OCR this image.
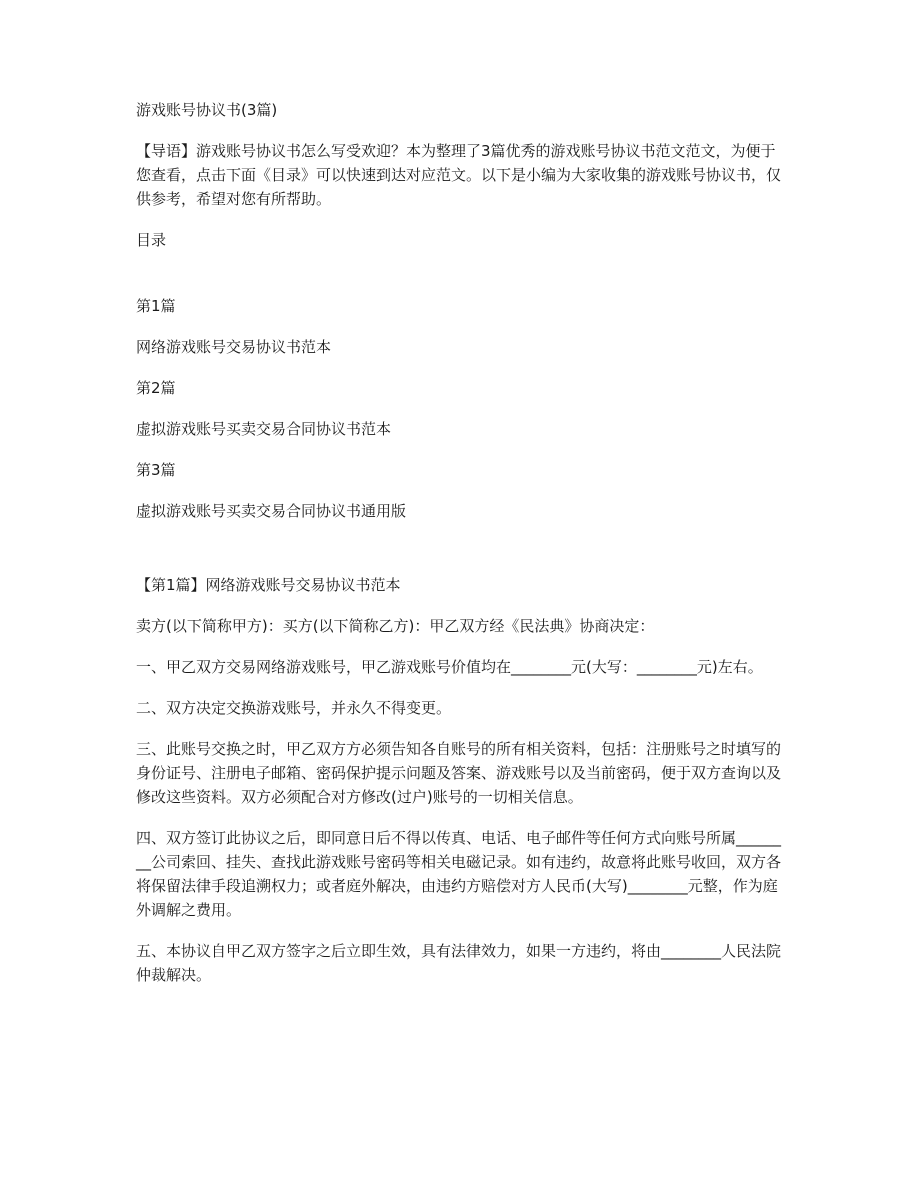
游戏账号协议书(3篇)

【导语】游戏账号协议书怎么写受欢迎？本为整理了3篇优秀的游戏账号协议书范文范文，为便于您查看，点击下面《目录》可以快速到达对应范文。以下是小编为大家收集的游戏账号协议书，仅供参考，希望对您有所帮助。

目录

第1篇

网络游戏账号交易协议书范本

第2篇

虚拟游戏账号买卖交易合同协议书范本

第3篇

虚拟游戏账号买卖交易合同协议书通用版

【第1篇】网络游戏账号交易协议书范本

卖方(以下简称甲方)：买方(以下简称乙方)：甲乙双方经《民法典》协商决定：

一、甲乙双方交易网络游戏账号，甲乙游戏账号价值均在________元(大写：________元)左右。

二、双方决定交换游戏账号，并永久不得变更。

三、此账号交换之时，甲乙双方方必须告知各自账号的所有相关资料，包括：注册账号之时填写的身份证号、注册电子邮箱、密码保护提示问题及答案、游戏账号以及当前密码，便于双方查询以及修改这些资料。双方必须配合对方修改(过户)账号的一切相关信息。

四、双方签订此协议之后，即同意日后不得以传真、电话、电子邮件等任何方式向账号所属________公司索回、挂失、查找此游戏账号密码等相关电磁记录。如有违约，故意将此账号收回，双方各将保留法律手段追溯权力；或者庭外解决，由违约方赔偿对方人民币(大写)________元整，作为庭外调解之费用。

五、本协议自甲乙双方签字之后立即生效，具有法律效力，如果一方违约，将由________人民法院仲裁解决。
